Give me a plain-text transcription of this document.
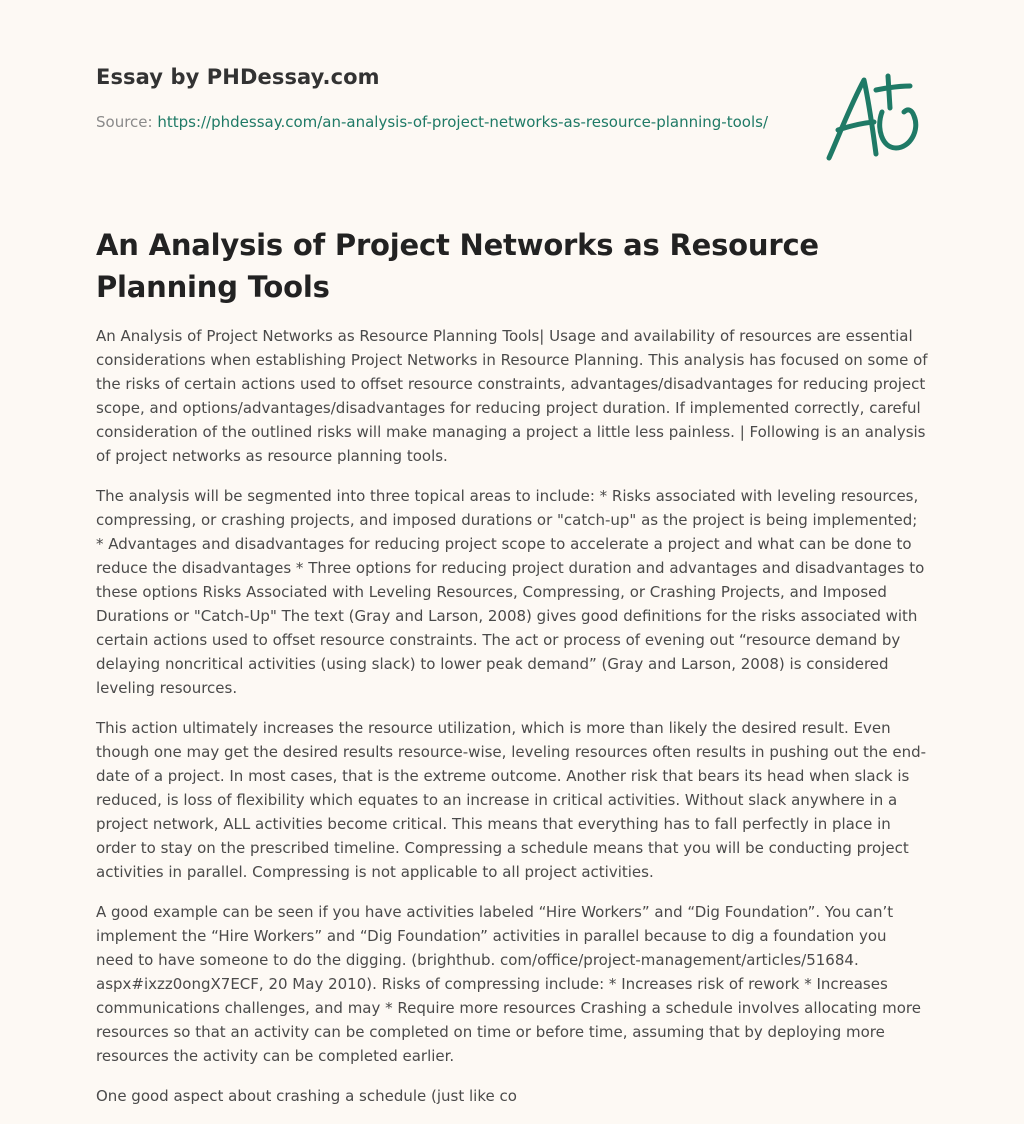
Essay by PHDessay.com
Source: https://phdessay.com/an-analysis-of-project-networks-as-resource-planning-tools/
An Analysis of Project Networks as Resource Planning Tools

An Analysis of Project Networks as Resource Planning Tools| Usage and availability of resources are essential considerations when establishing Project Networks in Resource Planning. This analysis has focused on some of the risks of certain actions used to offset resource constraints, advantages/disadvantages for reducing project scope, and options/advantages/disadvantages for reducing project duration. If implemented correctly, careful consideration of the outlined risks will make managing a project a little less painless. | Following is an analysis of project networks as resource planning tools.

The analysis will be segmented into three topical areas to include: * Risks associated with leveling resources, compressing, or crashing projects, and imposed durations or "catch-up" as the project is being implemented; * Advantages and disadvantages for reducing project scope to accelerate a project and what can be done to reduce the disadvantages * Three options for reducing project duration and advantages and disadvantages to these options Risks Associated with Leveling Resources, Compressing, or Crashing Projects, and Imposed Durations or "Catch-Up" The text (Gray and Larson, 2008) gives good definitions for the risks associated with certain actions used to offset resource constraints. The act or process of evening out “resource demand by delaying noncritical activities (using slack) to lower peak demand” (Gray and Larson, 2008) is considered leveling resources.

This action ultimately increases the resource utilization, which is more than likely the desired result. Even though one may get the desired results resource-wise, leveling resources often results in pushing out the end-date of a project. In most cases, that is the extreme outcome. Another risk that bears its head when slack is reduced, is loss of flexibility which equates to an increase in critical activities. Without slack anywhere in a project network, ALL activities become critical. This means that everything has to fall perfectly in place in order to stay on the prescribed timeline. Compressing a schedule means that you will be conducting project activities in parallel. Compressing is not applicable to all project activities.

A good example can be seen if you have activities labeled “Hire Workers” and “Dig Foundation”. You can’t implement the “Hire Workers” and “Dig Foundation” activities in parallel because to dig a foundation you need to have someone to do the digging. (brighthub. com/office/project-management/articles/51684. aspx#ixzz0ongX7ECF, 20 May 2010). Risks of compressing include: * Increases risk of rework * Increases communications challenges, and may * Require more resources Crashing a schedule involves allocating more resources so that an activity can be completed on time or before time, assuming that by deploying more resources the activity can be completed earlier.

One good aspect about crashing a schedule (just like co
